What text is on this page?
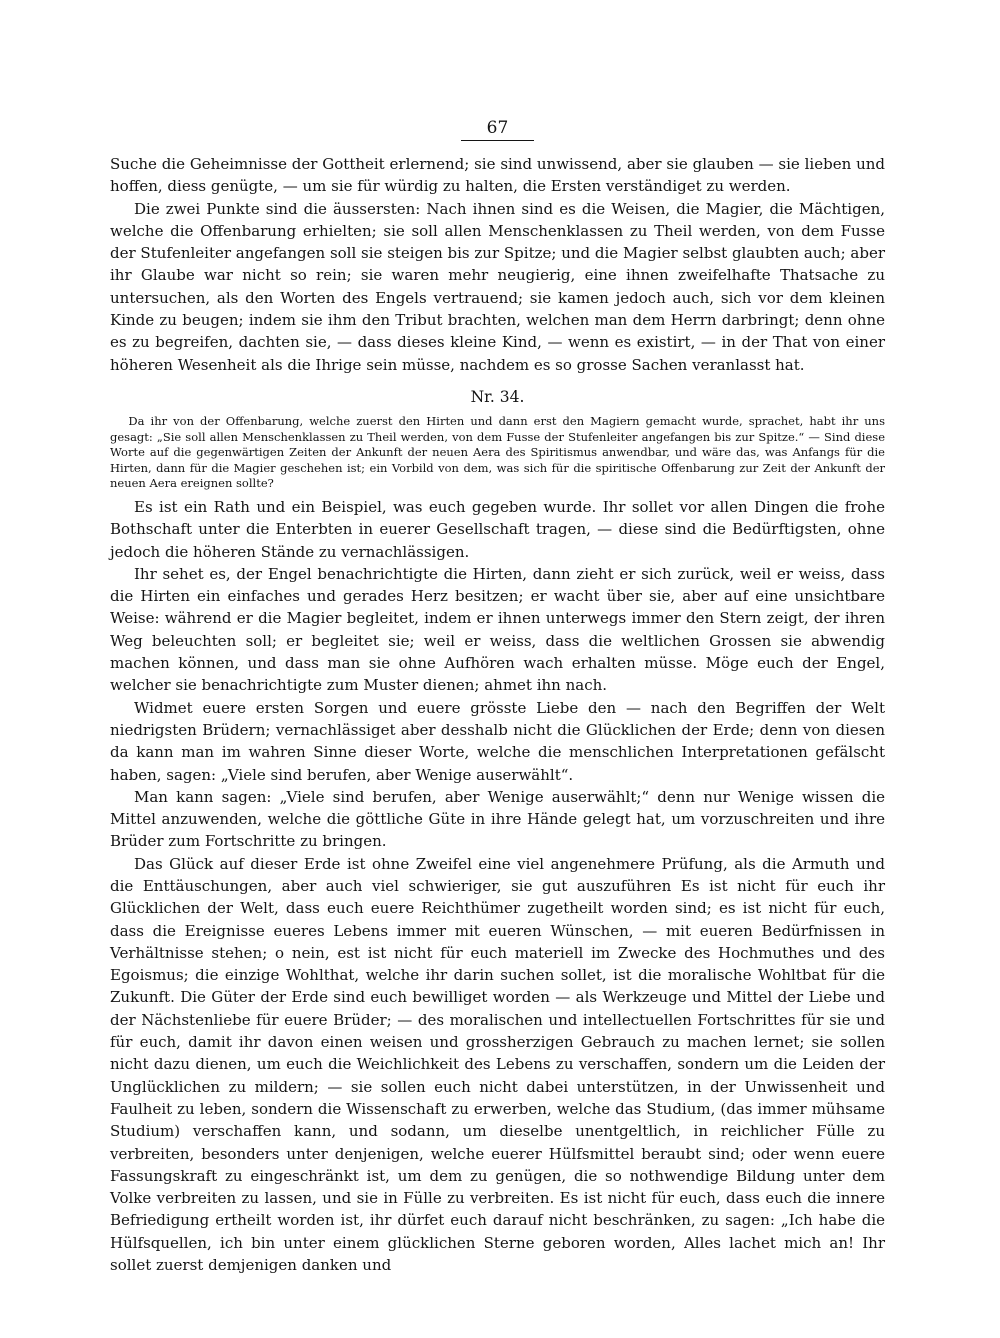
67

Suche die Geheimnisse der Gottheit erlernend; sie sind unwissend, aber sie glauben — sie lieben und hoffen, diess genügte, — um sie für würdig zu halten, die Ersten verständiget zu werden.

Die zwei Punkte sind die äussersten: Nach ihnen sind es die Weisen, die Magier, die Mächtigen, welche die Offenbarung erhielten; sie soll allen Menschenklassen zu Theil werden, von dem Fusse der Stufenleiter angefangen soll sie steigen bis zur Spitze; und die Magier selbst glaubten auch; aber ihr Glaube war nicht so rein; sie waren mehr neugierig, eine ihnen zweifelhafte Thatsache zu untersuchen, als den Worten des Engels vertrauend; sie kamen jedoch auch, sich vor dem kleinen Kinde zu beugen; indem sie ihm den Tribut brachten, welchen man dem Herrn darbringt; denn ohne es zu begreifen, dachten sie, — dass dieses kleine Kind, — wenn es existirt, — in der That von einer höheren Wesenheit als die Ihrige sein müsse, nachdem es so grosse Sachen veranlasst hat.

Nr. 34.

Da ihr von der Offenbarung, welche zuerst den Hirten und dann erst den Magiern gemacht wurde, sprachet, habt ihr uns gesagt: „Sie soll allen Menschenklassen zu Theil werden, von dem Fusse der Stufenleiter angefangen bis zur Spitze.“ — Sind diese Worte auf die gegenwärtigen Zeiten der Ankunft der neuen Aera des Spiritismus anwendbar, und wäre das, was Anfangs für die Hirten, dann für die Magier geschehen ist; ein Vorbild von dem, was sich für die spiritische Offenbarung zur Zeit der Ankunft der neuen Aera ereignen sollte?

Es ist ein Rath und ein Beispiel, was euch gegeben wurde. Ihr sollet vor allen Dingen die frohe Bothschaft unter die Enterbten in euerer Gesellschaft tragen, — diese sind die Bedürftigsten, ohne jedoch die höheren Stände zu vernachlässigen.

Ihr sehet es, der Engel benachrichtigte die Hirten, dann zieht er sich zurück, weil er weiss, dass die Hirten ein einfaches und gerades Herz besitzen; er wacht über sie, aber auf eine unsichtbare Weise: während er die Magier begleitet, indem er ihnen unterwegs immer den Stern zeigt, der ihren Weg beleuchten soll; er begleitet sie; weil er weiss, dass die weltlichen Grossen sie abwendig machen können, und dass man sie ohne Aufhören wach erhalten müsse. Möge euch der Engel, welcher sie benachrichtigte zum Muster dienen; ahmet ihn nach.

Widmet euere ersten Sorgen und euere grösste Liebe den — nach den Begriffen der Welt niedrigsten Brüdern; vernachlässiget aber desshalb nicht die Glücklichen der Erde; denn von diesen da kann man im wahren Sinne dieser Worte, welche die menschlichen Interpretationen gefälscht haben, sagen: „Viele sind berufen, aber Wenige auserwählt“.

Man kann sagen: „Viele sind berufen, aber Wenige auserwählt;“ denn nur Wenige wissen die Mittel anzuwenden, welche die göttliche Güte in ihre Hände gelegt hat, um vorzuschreiten und ihre Brüder zum Fortschritte zu bringen.

Das Glück auf dieser Erde ist ohne Zweifel eine viel angenehmere Prüfung, als die Armuth und die Enttäuschungen, aber auch viel schwieriger, sie gut auszuführen Es ist nicht für euch ihr Glücklichen der Welt, dass euch euere Reichthümer zugetheilt worden sind; es ist nicht für euch, dass die Ereignisse eueres Lebens immer mit eueren Wünschen, — mit eueren Bedürfnissen in Verhältnisse stehen; o nein, est ist nicht für euch materiell im Zwecke des Hochmuthes und des Egoismus; die einzige Wohlthat, welche ihr darin suchen sollet, ist die moralische Wohltbat für die Zukunft. Die Güter der Erde sind euch bewilliget worden — als Werkzeuge und Mittel der Liebe und der Nächstenliebe für euere Brüder; — des moralischen und intellectuellen Fortschrittes für sie und für euch, damit ihr davon einen weisen und grossherzigen Gebrauch zu machen lernet; sie sollen nicht dazu dienen, um euch die Weichlichkeit des Lebens zu verschaffen, sondern um die Leiden der Unglücklichen zu mildern; — sie sollen euch nicht dabei unterstützen, in der Unwissenheit und Faulheit zu leben, sondern die Wissenschaft zu erwerben, welche das Studium, (das immer mühsame Studium) verschaffen kann, und sodann, um dieselbe unentgeltlich, in reichlicher Fülle zu verbreiten, besonders unter denjenigen, welche euerer Hülfsmittel beraubt sind; oder wenn euere Fassungskraft zu eingeschränkt ist, um dem zu genügen, die so nothwendige Bildung unter dem Volke verbreiten zu lassen, und sie in Fülle zu verbreiten. Es ist nicht für euch, dass euch die innere Befriedigung ertheilt worden ist, ihr dürfet euch darauf nicht beschränken, zu sagen: „Ich habe die Hülfsquellen, ich bin unter einem glücklichen Sterne geboren worden, Alles lachet mich an! Ihr sollet zuerst demjenigen danken und
